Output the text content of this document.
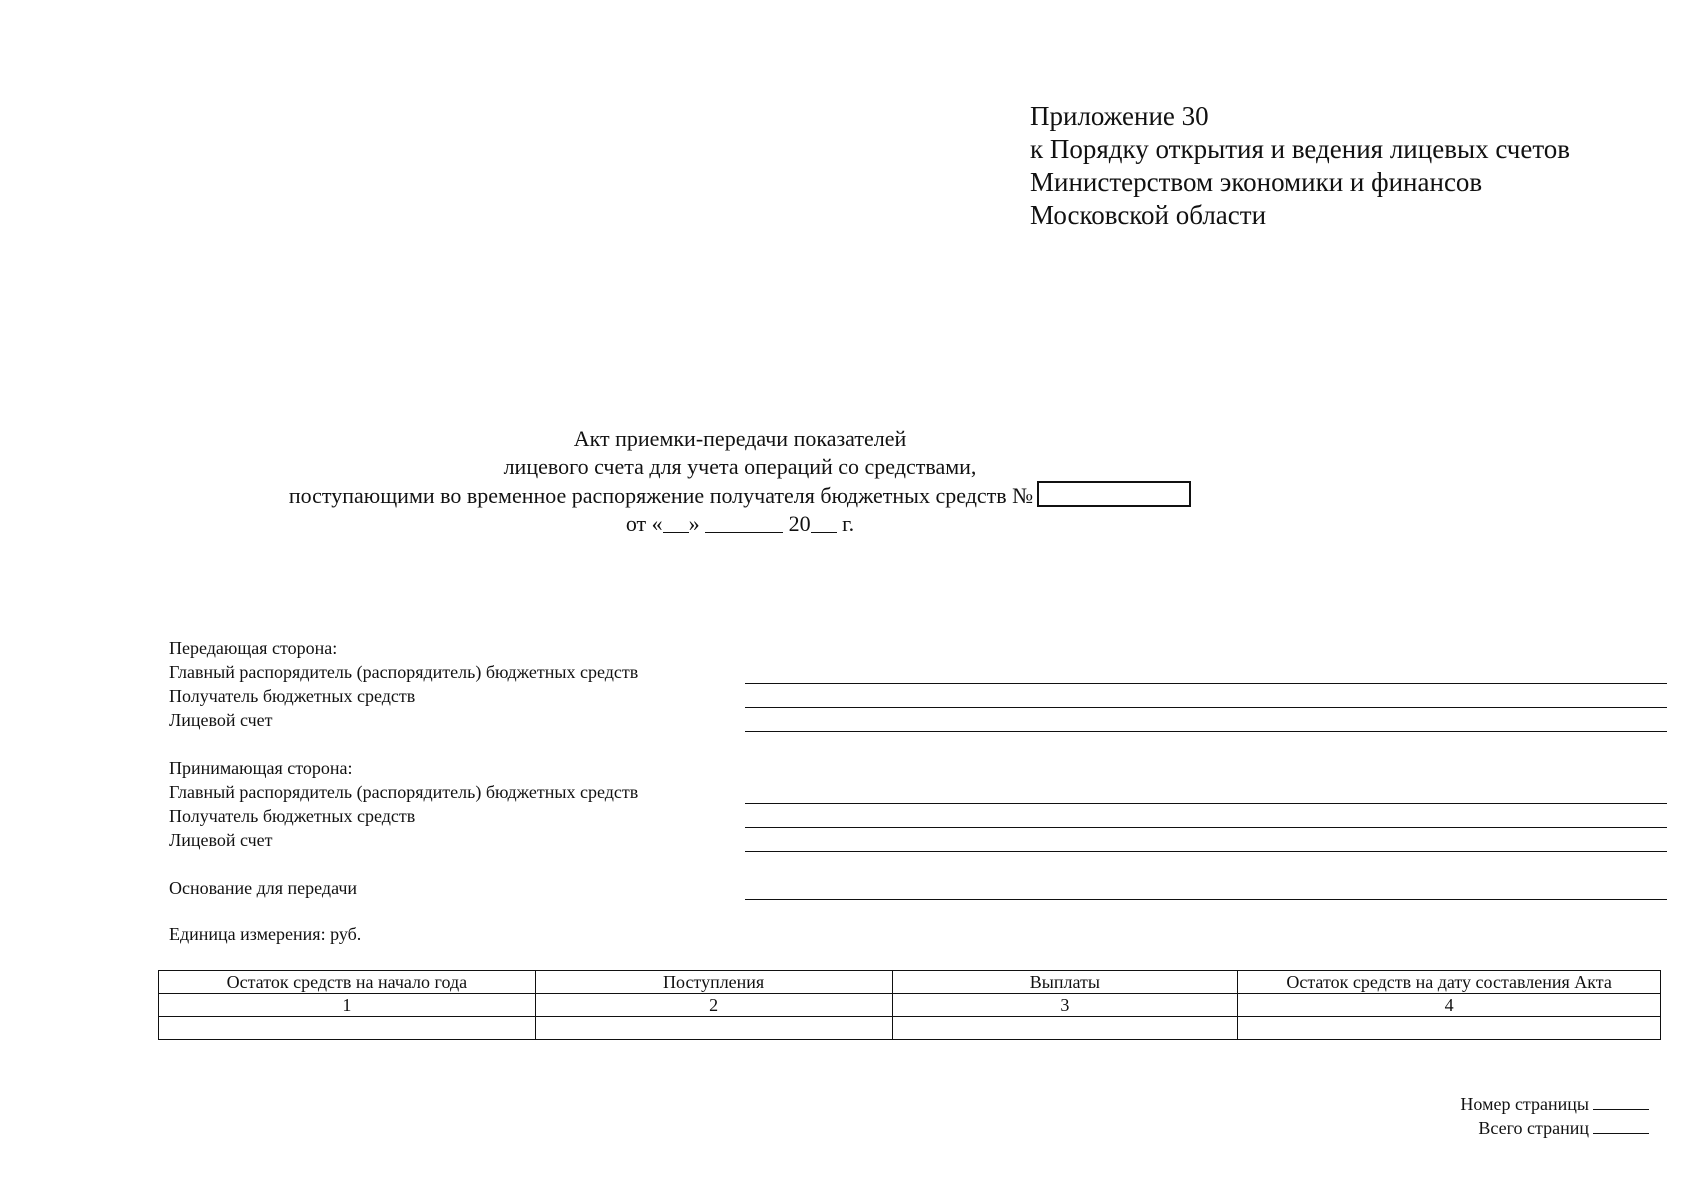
Приложение 30
к Порядку открытия и ведения лицевых счетов
Министерством экономики и финансов
Московской области
Акт приемки-передачи показателей
лицевого счета для учета операций со средствами,
поступающими во временное распоряжение получателя бюджетных средств №
от « »	20 г.
Передающая сторона:
Главный распорядитель (распорядитель) бюджетных средств
Получатель бюджетных средств
Лицевой счет
Принимающая сторона:
Главный распорядитель (распорядитель) бюджетных средств
Получатель бюджетных средств
Лицевой счет
Основание для передачи
Единица измерения: руб.
Остаток средств на начало года	Поступления	Выплаты	Остаток средств на дату составления Акта
1	2	3	4

Номер страницы
Всего страниц
